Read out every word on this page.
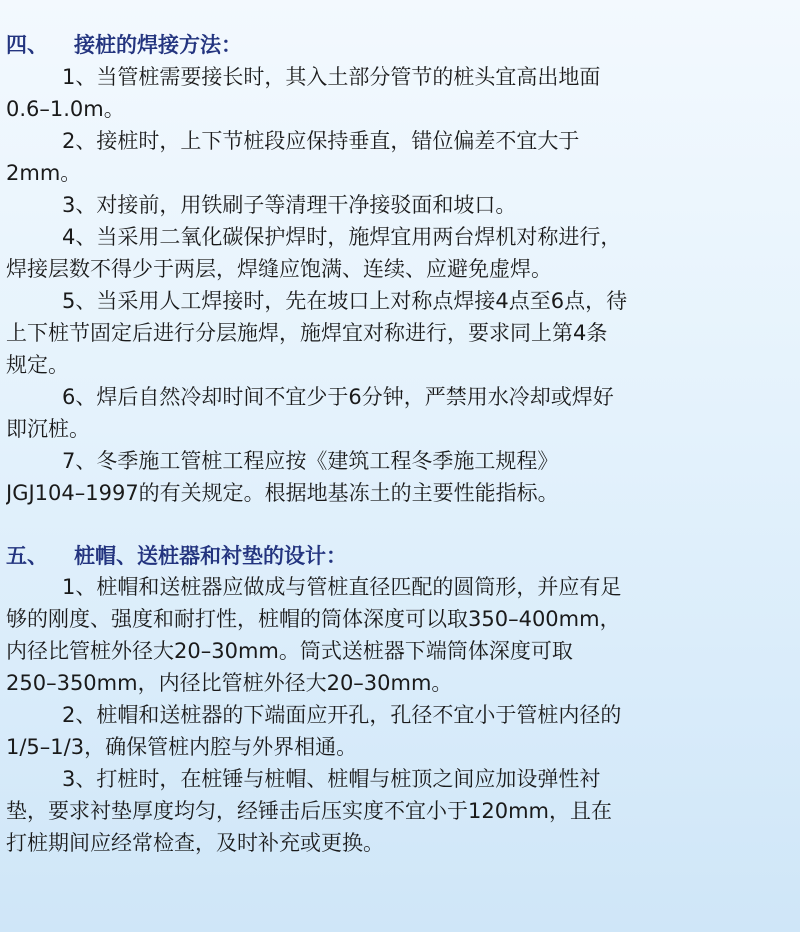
四、 接桩的焊接方法：

1、当管桩需要接长时，其入土部分管节的桩头宜高出地面
0.6–1.0m。

2、接桩时，上下节桩段应保持垂直，错位偏差不宜大于
2mm。

3、对接前，用铁刷子等清理干净接驳面和坡口。

4、当采用二氧化碳保护焊时，施焊宜用两台焊机对称进行，
焊接层数不得少于两层，焊缝应饱满、连续、应避免虚焊。

5、当采用人工焊接时，先在坡口上对称点焊接4点至6点，待
上下桩节固定后进行分层施焊，施焊宜对称进行，要求同上第4条
规定。

6、焊后自然冷却时间不宜少于6分钟，严禁用水冷却或焊好
即沉桩。

7、冬季施工管桩工程应按《建筑工程冬季施工规程》
JGJ104–1997的有关规定。根据地基冻土的主要性能指标。

五、 桩帽、送桩器和衬垫的设计：

1、桩帽和送桩器应做成与管桩直径匹配的圆筒形，并应有足
够的刚度、强度和耐打性，桩帽的筒体深度可以取350–400mm，
内径比管桩外径大20–30mm。筒式送桩器下端筒体深度可取
250–350mm，内径比管桩外径大20–30mm。

2、桩帽和送桩器的下端面应开孔，孔径不宜小于管桩内径的
1/5–1/3，确保管桩内腔与外界相通。

3、打桩时，在桩锤与桩帽、桩帽与桩顶之间应加设弹性衬
垫，要求衬垫厚度均匀，经锤击后压实度不宜小于120mm，且在
打桩期间应经常检查，及时补充或更换。
